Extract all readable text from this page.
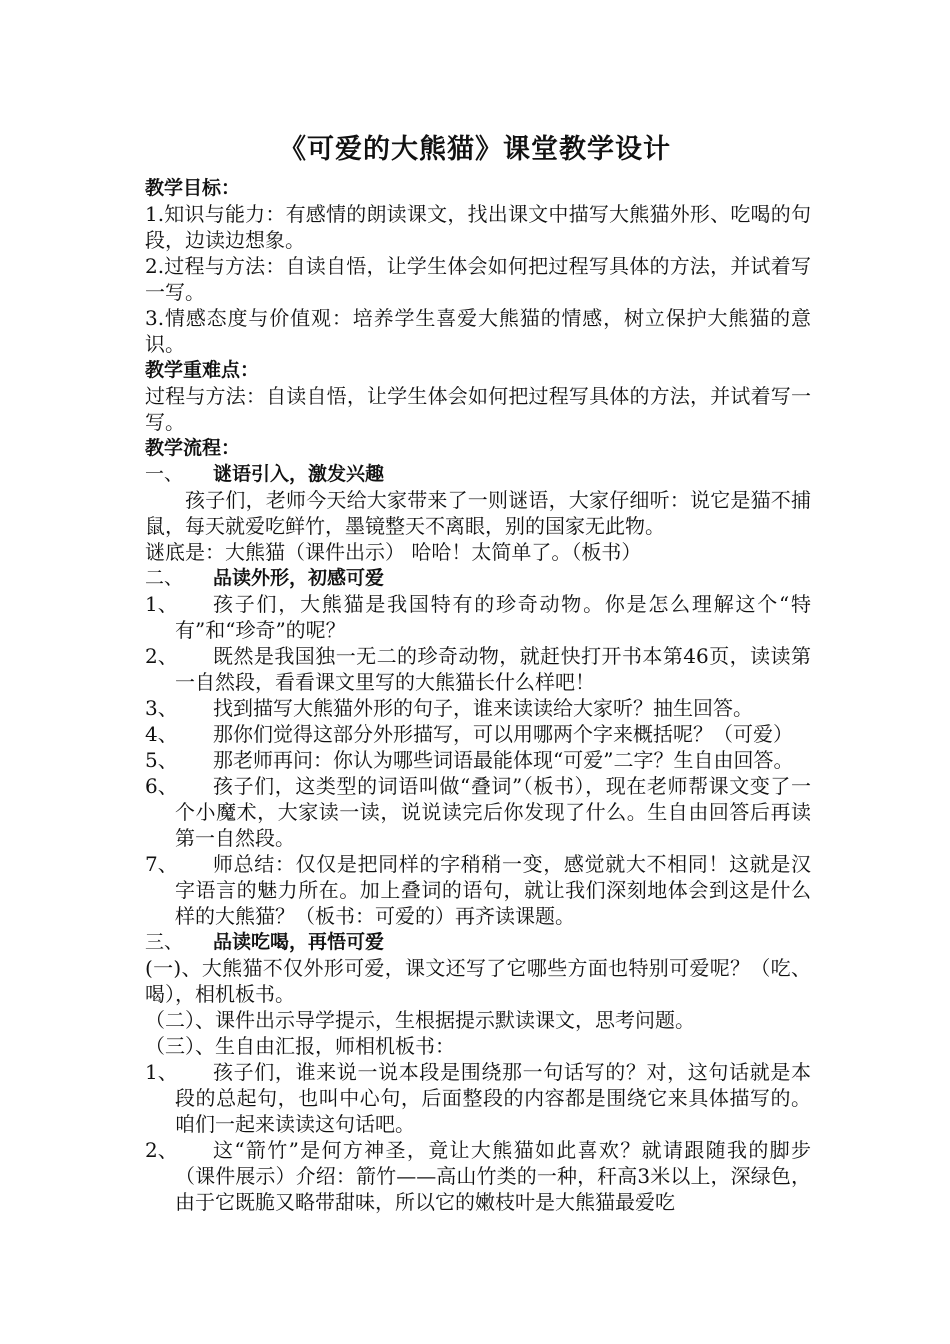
《可爱的大熊猫》课堂教学设计
教学目标：
1.知识与能力：有感情的朗读课文，找出课文中描写大熊猫外形、吃喝的句段，边读边想象。
2.过程与方法：自读自悟，让学生体会如何把过程写具体的方法，并试着写一写。
3.情感态度与价值观：培养学生喜爱大熊猫的情感，树立保护大熊猫的意识。
教学重难点：
过程与方法：自读自悟，让学生体会如何把过程写具体的方法，并试着写一写。
教学流程：
一、 谜语引入，激发兴趣
孩子们，老师今天给大家带来了一则谜语，大家仔细听：说它是猫不捕鼠，每天就爱吃鲜竹，墨镜整天不离眼，别的国家无此物。
谜底是：大熊猫（课件出示） 哈哈！太简单了。（板书）
二、 品读外形，初感可爱
1、	孩子们，大熊猫是我国特有的珍奇动物。你是怎么理解这个“特有”和“珍奇”的呢？
2、	既然是我国独一无二的珍奇动物，就赶快打开书本第46页，读读第一自然段，看看课文里写的大熊猫长什么样吧！
3、	找到描写大熊猫外形的句子，谁来读读给大家听？抽生回答。
4、	那你们觉得这部分外形描写，可以用哪两个字来概括呢？（可爱）
5、	那老师再问：你认为哪些词语最能体现“可爱”二字？生自由回答。
6、	孩子们，这类型的词语叫做“叠词”（板书），现在老师帮课文变了一个小魔术，大家读一读，说说读完后你发现了什么。生自由回答后再读第一自然段。
7、	师总结：仅仅是把同样的字稍稍一变，感觉就大不相同！这就是汉字语言的魅力所在。加上叠词的语句，就让我们深刻地体会到这是什么样的大熊猫？（板书：可爱的）再齐读课题。
三、 品读吃喝，再悟可爱
(一)、大熊猫不仅外形可爱，课文还写了它哪些方面也特别可爱呢？（吃、喝），相机板书。
（二）、课件出示导学提示，生根据提示默读课文，思考问题。
（三）、生自由汇报，师相机板书：
1、	孩子们，谁来说一说本段是围绕那一句话写的？对，这句话就是本段的总起句，也叫中心句，后面整段的内容都是围绕它来具体描写的。咱们一起来读读这句话吧。
2、	这“箭竹”是何方神圣，竟让大熊猫如此喜欢？就请跟随我的脚步（课件展示）介绍：箭竹——高山竹类的一种，秆高3米以上，深绿色，由于它既脆又略带甜味，所以它的嫩枝叶是大熊猫最爱吃
